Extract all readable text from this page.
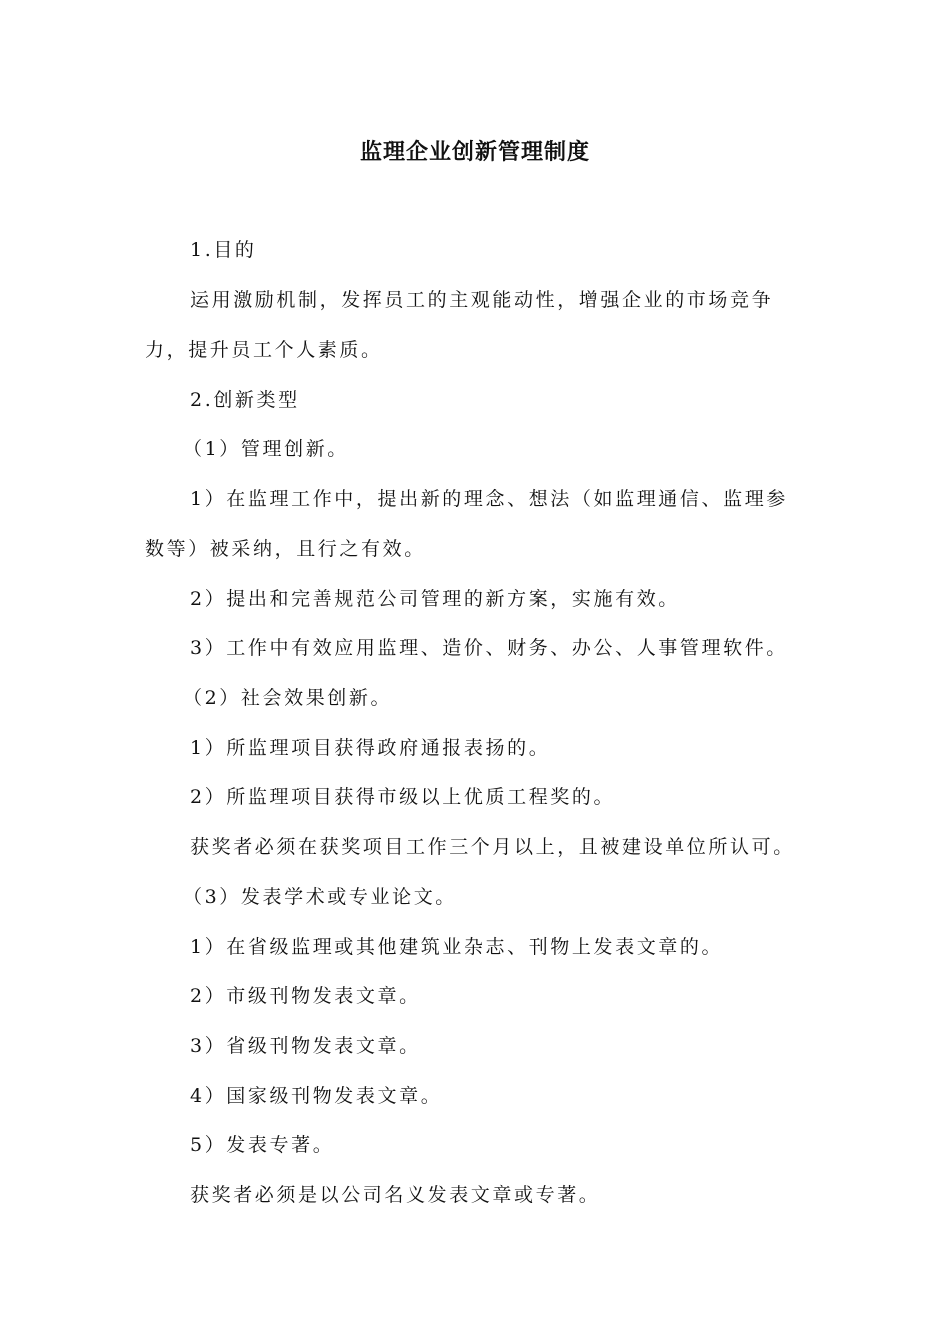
监理企业创新管理制度
1.目的
运用激励机制，发挥员工的主观能动性，增强企业的市场竞争
力，提升员工个人素质。
2.创新类型
（1）管理创新。
1）在监理工作中，提出新的理念、想法（如监理通信、监理参
数等）被采纳，且行之有效。
2）提出和完善规范公司管理的新方案，实施有效。
3）工作中有效应用监理、造价、财务、办公、人事管理软件。
（2）社会效果创新。
1）所监理项目获得政府通报表扬的。
2）所监理项目获得市级以上优质工程奖的。
获奖者必须在获奖项目工作三个月以上，且被建设单位所认可。
（3）发表学术或专业论文。
1）在省级监理或其他建筑业杂志、刊物上发表文章的。
2）市级刊物发表文章。
3）省级刊物发表文章。
4）国家级刊物发表文章。
5）发表专著。
获奖者必须是以公司名义发表文章或专著。
